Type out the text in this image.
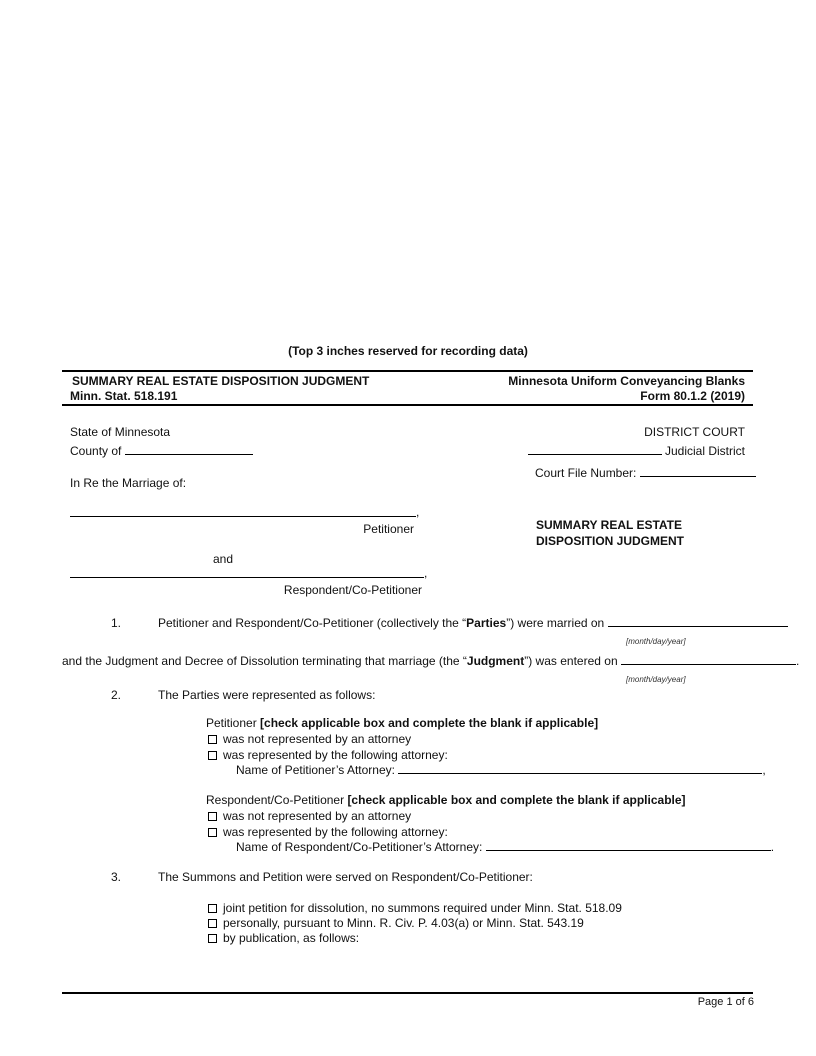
(Top 3 inches reserved for recording data)
SUMMARY REAL ESTATE DISPOSITION JUDGMENT
Minn. Stat. 518.191
Minnesota Uniform Conveyancing Blanks
Form 80.1.2 (2019)
State of Minnesota
County of
In Re the Marriage of:
DISTRICT COURT
Judicial District
Court File Number:
,
Petitioner
and
,
Respondent/Co-Petitioner
SUMMARY REAL ESTATE
DISPOSITION JUDGMENT
1.	Petitioner and Respondent/Co-Petitioner (collectively the “Parties”) were married on
[month/day/year]
and the Judgment and Decree of Dissolution terminating that marriage (the “Judgment”) was entered on	.
[month/day/year]
2.	The Parties were represented as follows:
Petitioner [check applicable box and complete the blank if applicable]
was not represented by an attorney
was represented by the following attorney:
Name of Petitioner’s Attorney:	,
Respondent/Co-Petitioner [check applicable box and complete the blank if applicable]
was not represented by an attorney
was represented by the following attorney:
Name of Respondent/Co-Petitioner’s Attorney:	.
3.	The Summons and Petition were served on Respondent/Co-Petitioner:
joint petition for dissolution, no summons required under Minn. Stat. 518.09
personally, pursuant to Minn. R. Civ. P. 4.03(a) or Minn. Stat. 543.19
by publication, as follows:
Page 1 of 6
